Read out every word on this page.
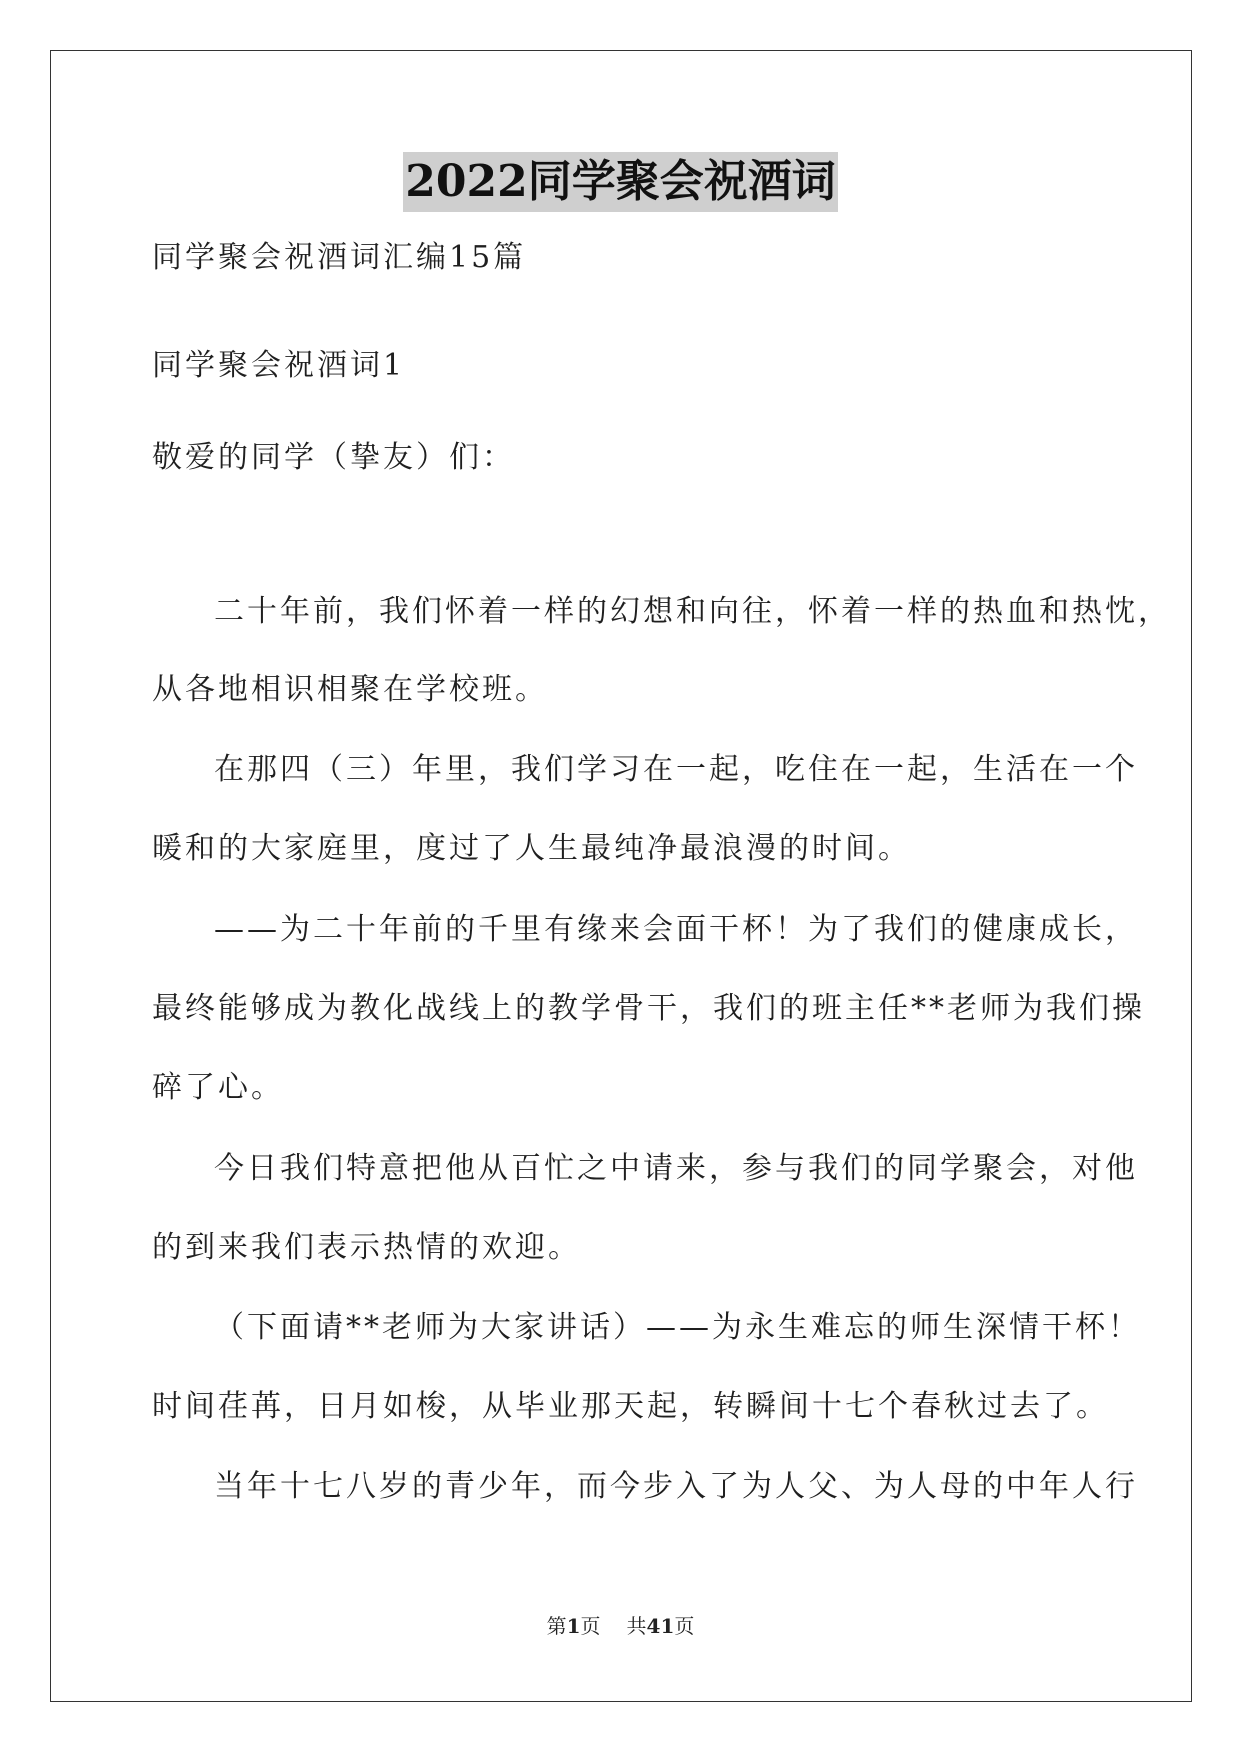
2022同学聚会祝酒词
同学聚会祝酒词汇编15篇
同学聚会祝酒词1
敬爱的同学（挚友）们：
二十年前，我们怀着一样的幻想和向往，怀着一样的热血和热忱，
从各地相识相聚在学校班。
在那四（三）年里，我们学习在一起，吃住在一起，生活在一个
暖和的大家庭里，度过了人生最纯净最浪漫的时间。
——为二十年前的千里有缘来会面干杯！为了我们的健康成长，
最终能够成为教化战线上的教学骨干，我们的班主任**老师为我们操
碎了心。
今日我们特意把他从百忙之中请来，参与我们的同学聚会，对他
的到来我们表示热情的欢迎。
（下面请**老师为大家讲话）——为永生难忘的师生深情干杯！
时间荏苒，日月如梭，从毕业那天起，转瞬间十七个春秋过去了。
当年十七八岁的青少年，而今步入了为人父、为人母的中年人行
第1页 共41页
